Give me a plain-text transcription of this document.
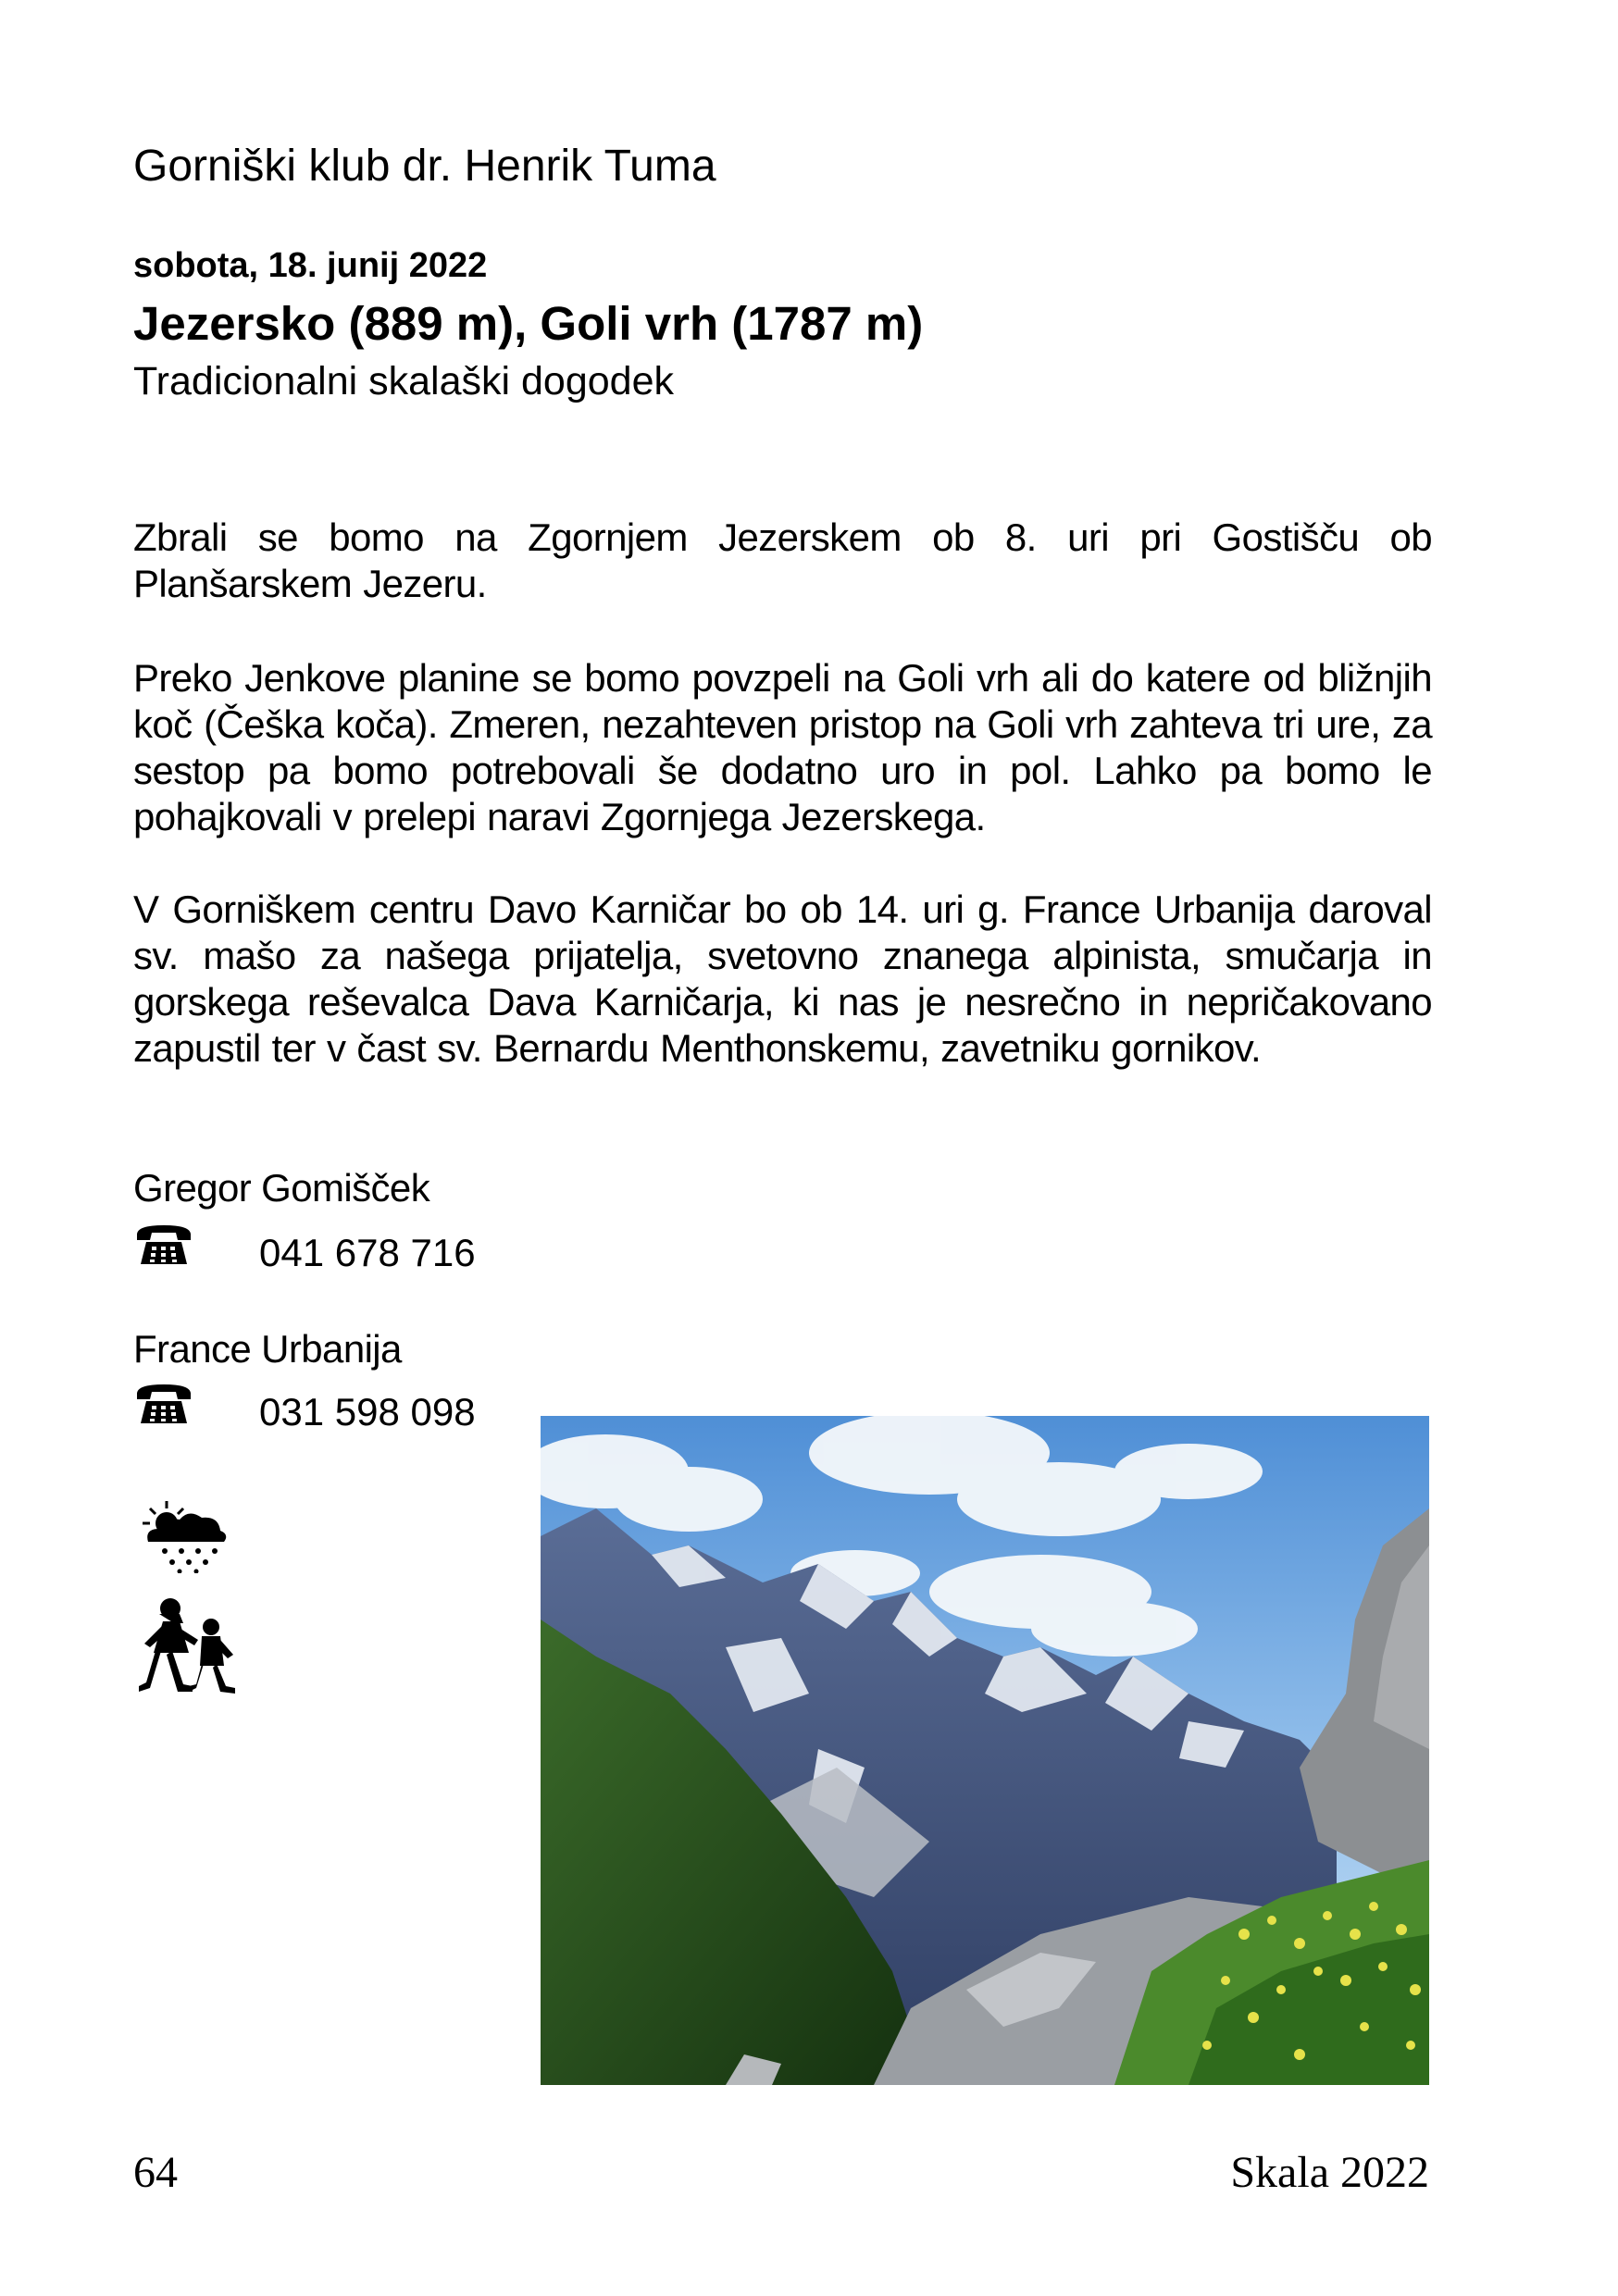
Gorniški klub dr. Henrik Tuma
sobota, 18. junij 2022
Jezersko (889 m), Goli vrh (1787 m)
Tradicionalni skalaški dogodek

Zbrali se bomo na Zgornjem Jezerskem ob 8. uri pri Gostišču ob Planšarskem Jezeru.

Preko Jenkove planine se bomo povzpeli na Goli vrh ali do katere od bližnjih koč (Češka koča). Zmeren, nezahteven pristop na Goli vrh zahteva tri ure, za sestop pa bomo potrebovali še dodatno uro in pol. Lahko pa bomo le pohajkovali v prelepi naravi Zgornjega Jezerskega.

V Gorniškem centru Davo Karničar bo ob 14. uri g. France Urbanija daroval sv. mašo za našega prijatelja, svetovno znanega alpinista, smučarja in gorskega reševalca Dava Karničarja, ki nas je nesrečno in nepričakovano zapustil ter v čast sv. Bernardu Menthonskemu, zavetniku gornikov.

Gregor Gomišček
041 678 716
France Urbanija
031 598 098
64	Skala 2022
